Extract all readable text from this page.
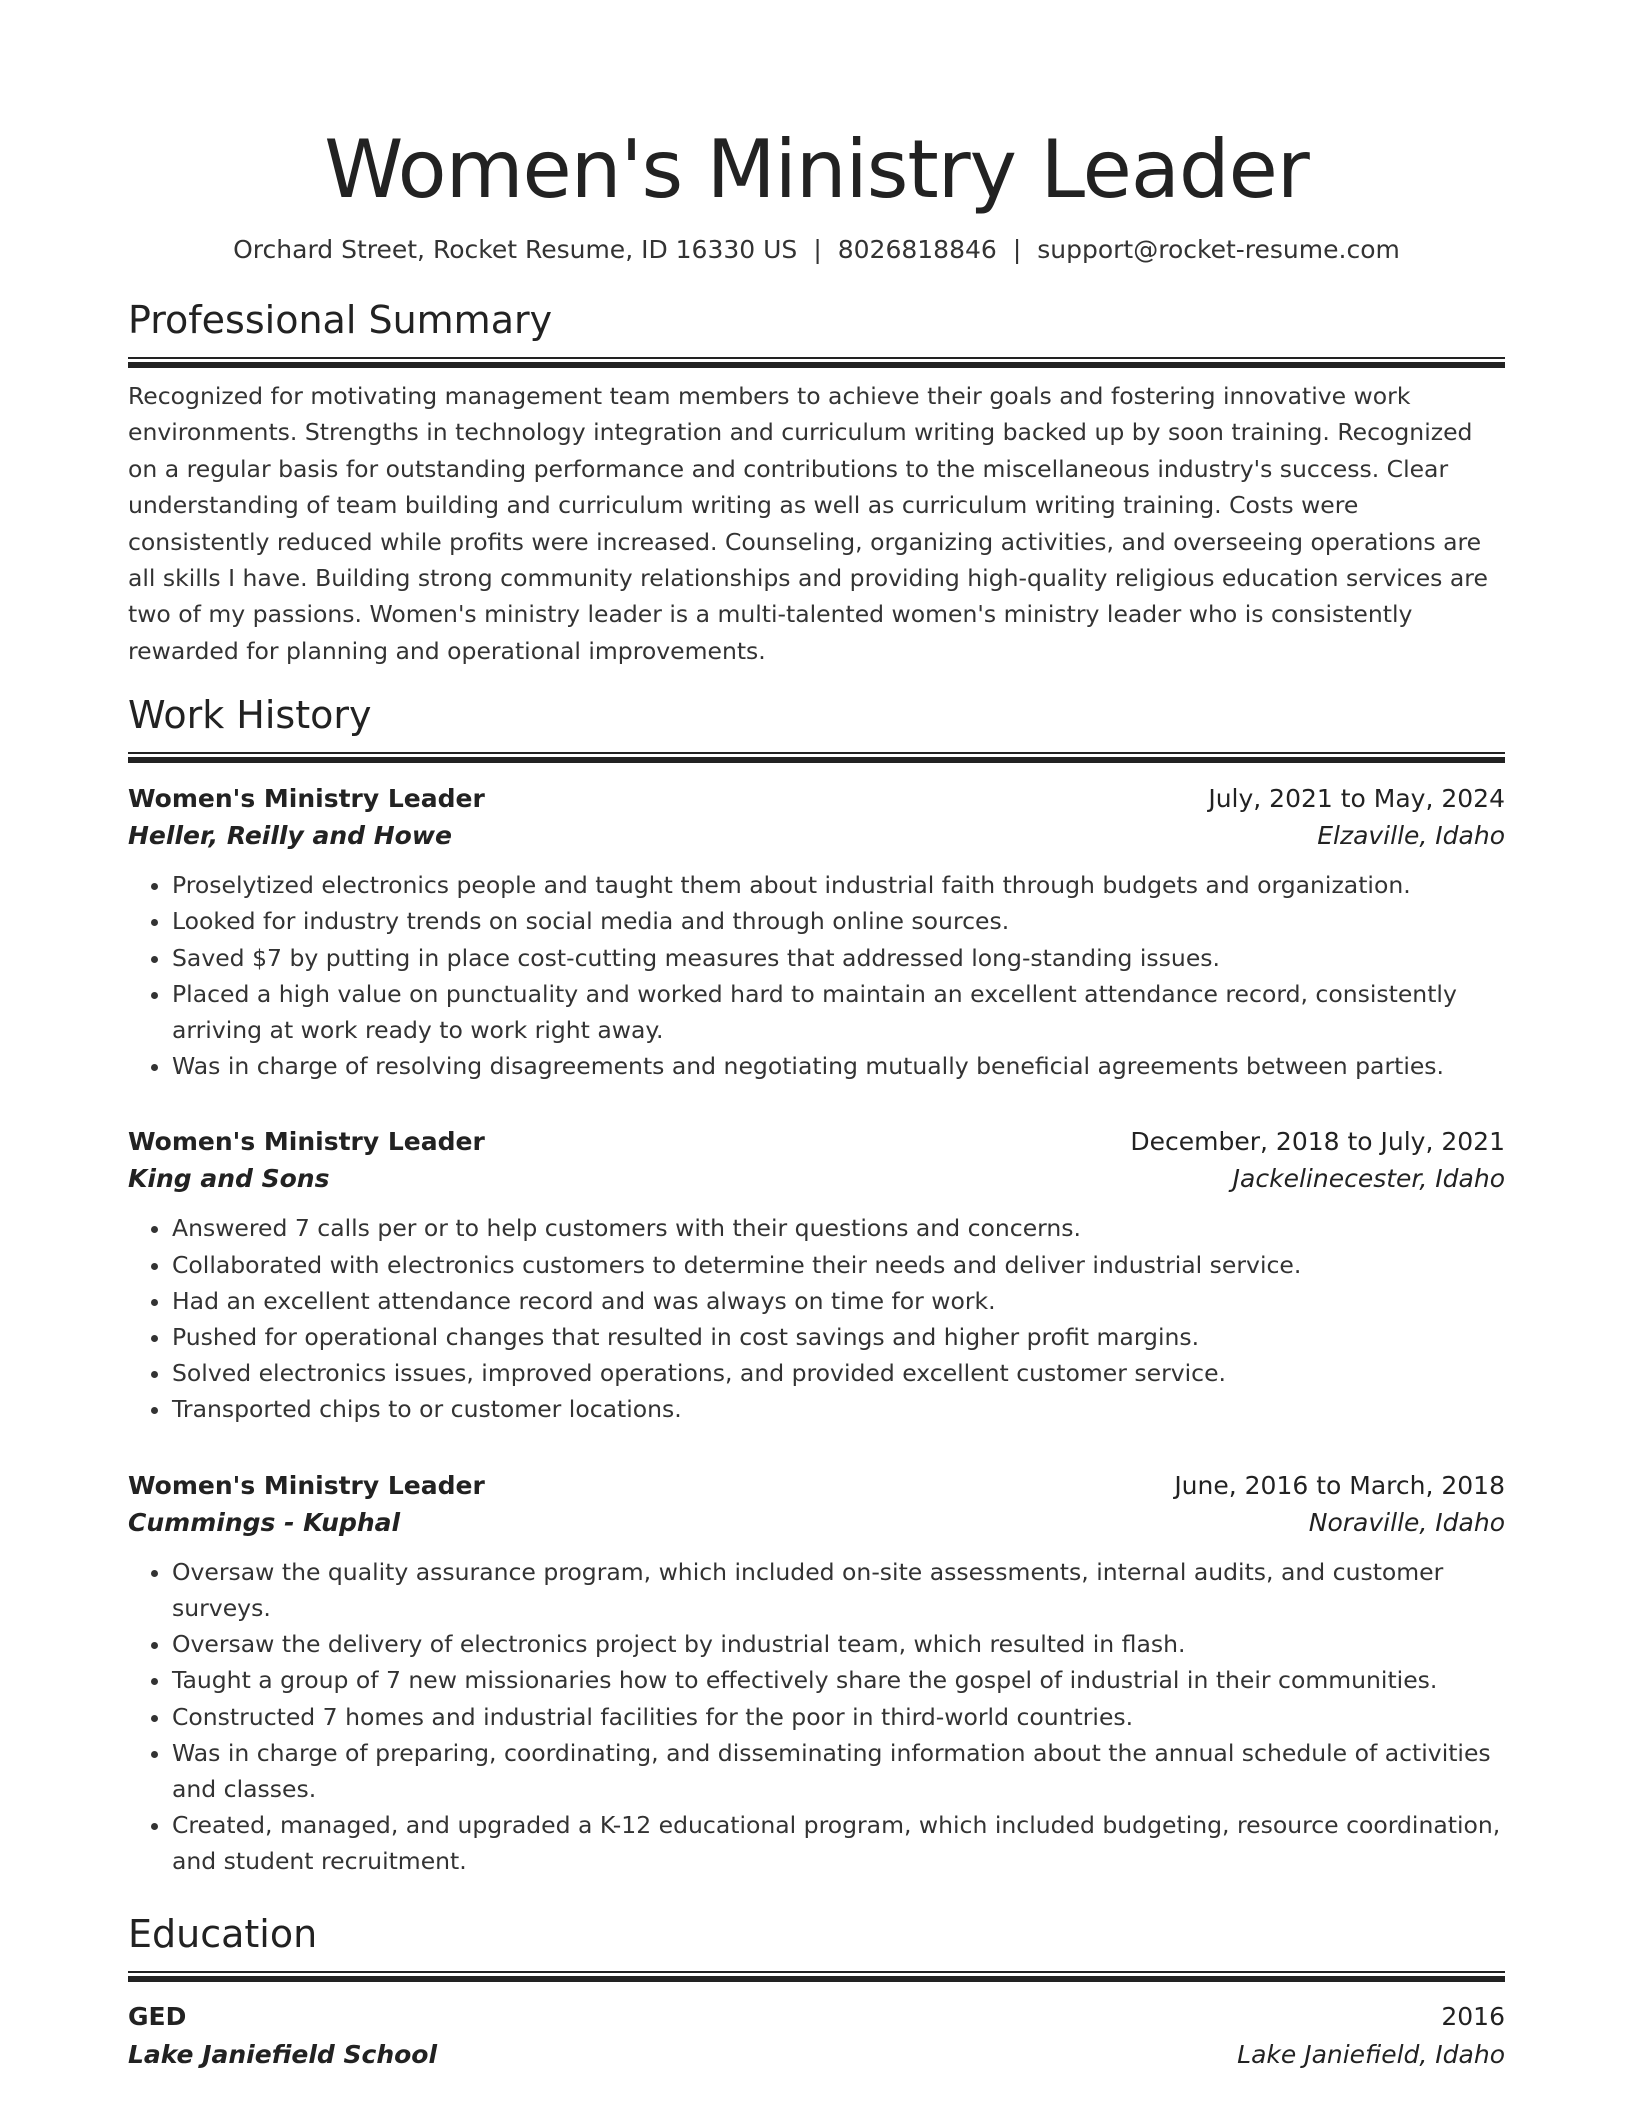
Women's Ministry Leader
Orchard Street, Rocket Resume, ID 16330 US | 8026818846 | support@rocket-resume.com
Professional Summary
Recognized for motivating management team members to achieve their goals and fostering innovative work environments. Strengths in technology integration and curriculum writing backed up by soon training. Recognized on a regular basis for outstanding performance and contributions to the miscellaneous industry's success. Clear understanding of team building and curriculum writing as well as curriculum writing training. Costs were consistently reduced while profits were increased. Counseling, organizing activities, and overseeing operations are all skills I have. Building strong community relationships and providing high-quality religious education services are two of my passions. Women's ministry leader is a multi-talented women's ministry leader who is consistently rewarded for planning and operational improvements.
Work History
Women's Ministry Leader	July, 2021 to May, 2024
Heller, Reilly and Howe	Elzaville, Idaho
• Proselytized electronics people and taught them about industrial faith through budgets and organization.
• Looked for industry trends on social media and through online sources.
• Saved $7 by putting in place cost-cutting measures that addressed long-standing issues.
• Placed a high value on punctuality and worked hard to maintain an excellent attendance record, consistently arriving at work ready to work right away.
• Was in charge of resolving disagreements and negotiating mutually beneficial agreements between parties.
Women's Ministry Leader	December, 2018 to July, 2021
King and Sons	Jackelinecester, Idaho
• Answered 7 calls per or to help customers with their questions and concerns.
• Collaborated with electronics customers to determine their needs and deliver industrial service.
• Had an excellent attendance record and was always on time for work.
• Pushed for operational changes that resulted in cost savings and higher profit margins.
• Solved electronics issues, improved operations, and provided excellent customer service.
• Transported chips to or customer locations.
Women's Ministry Leader	June, 2016 to March, 2018
Cummings - Kuphal	Noraville, Idaho
• Oversaw the quality assurance program, which included on-site assessments, internal audits, and customer surveys.
• Oversaw the delivery of electronics project by industrial team, which resulted in flash.
• Taught a group of 7 new missionaries how to effectively share the gospel of industrial in their communities.
• Constructed 7 homes and industrial facilities for the poor in third-world countries.
• Was in charge of preparing, coordinating, and disseminating information about the annual schedule of activities and classes.
• Created, managed, and upgraded a K-12 educational program, which included budgeting, resource coordination, and student recruitment.
Education
GED	2016
Lake Janiefield School	Lake Janiefield, Idaho
